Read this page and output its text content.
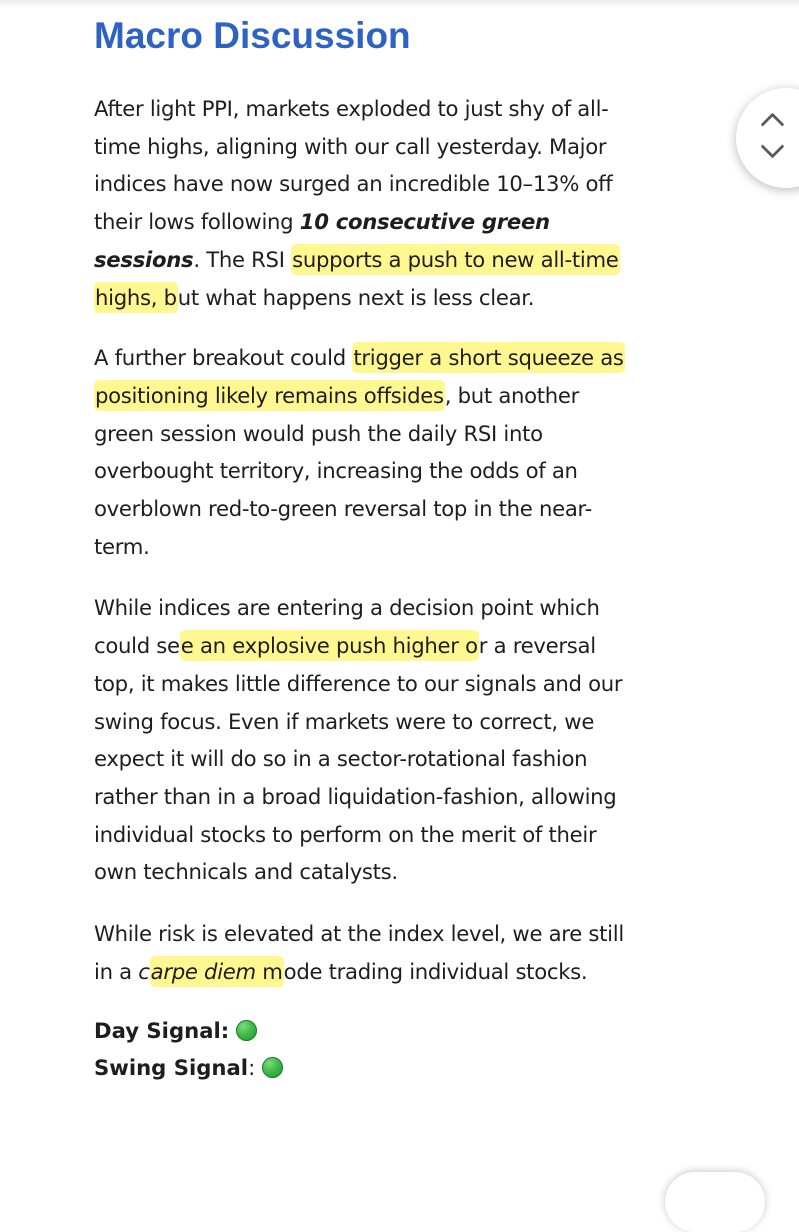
Macro Discussion

After light PPI, markets exploded to just shy of all-time highs, aligning with our call yesterday. Major indices have now surged an incredible 10–13% off their lows following 10 consecutive green sessions. The RSI supports a push to new all-time highs, but what happens next is less clear.

A further breakout could trigger a short squeeze as positioning likely remains offsides, but another green session would push the daily RSI into overbought territory, increasing the odds of an overblown red-to-green reversal top in the near-term.

While indices are entering a decision point which could see an explosive push higher or a reversal top, it makes little difference to our signals and our swing focus. Even if markets were to correct, we expect it will do so in a sector-rotational fashion rather than in a broad liquidation-fashion, allowing individual stocks to perform on the merit of their own technicals and catalysts.

While risk is elevated at the index level, we are still in a carpe diem mode trading individual stocks.

Day Signal:
Swing Signal :
